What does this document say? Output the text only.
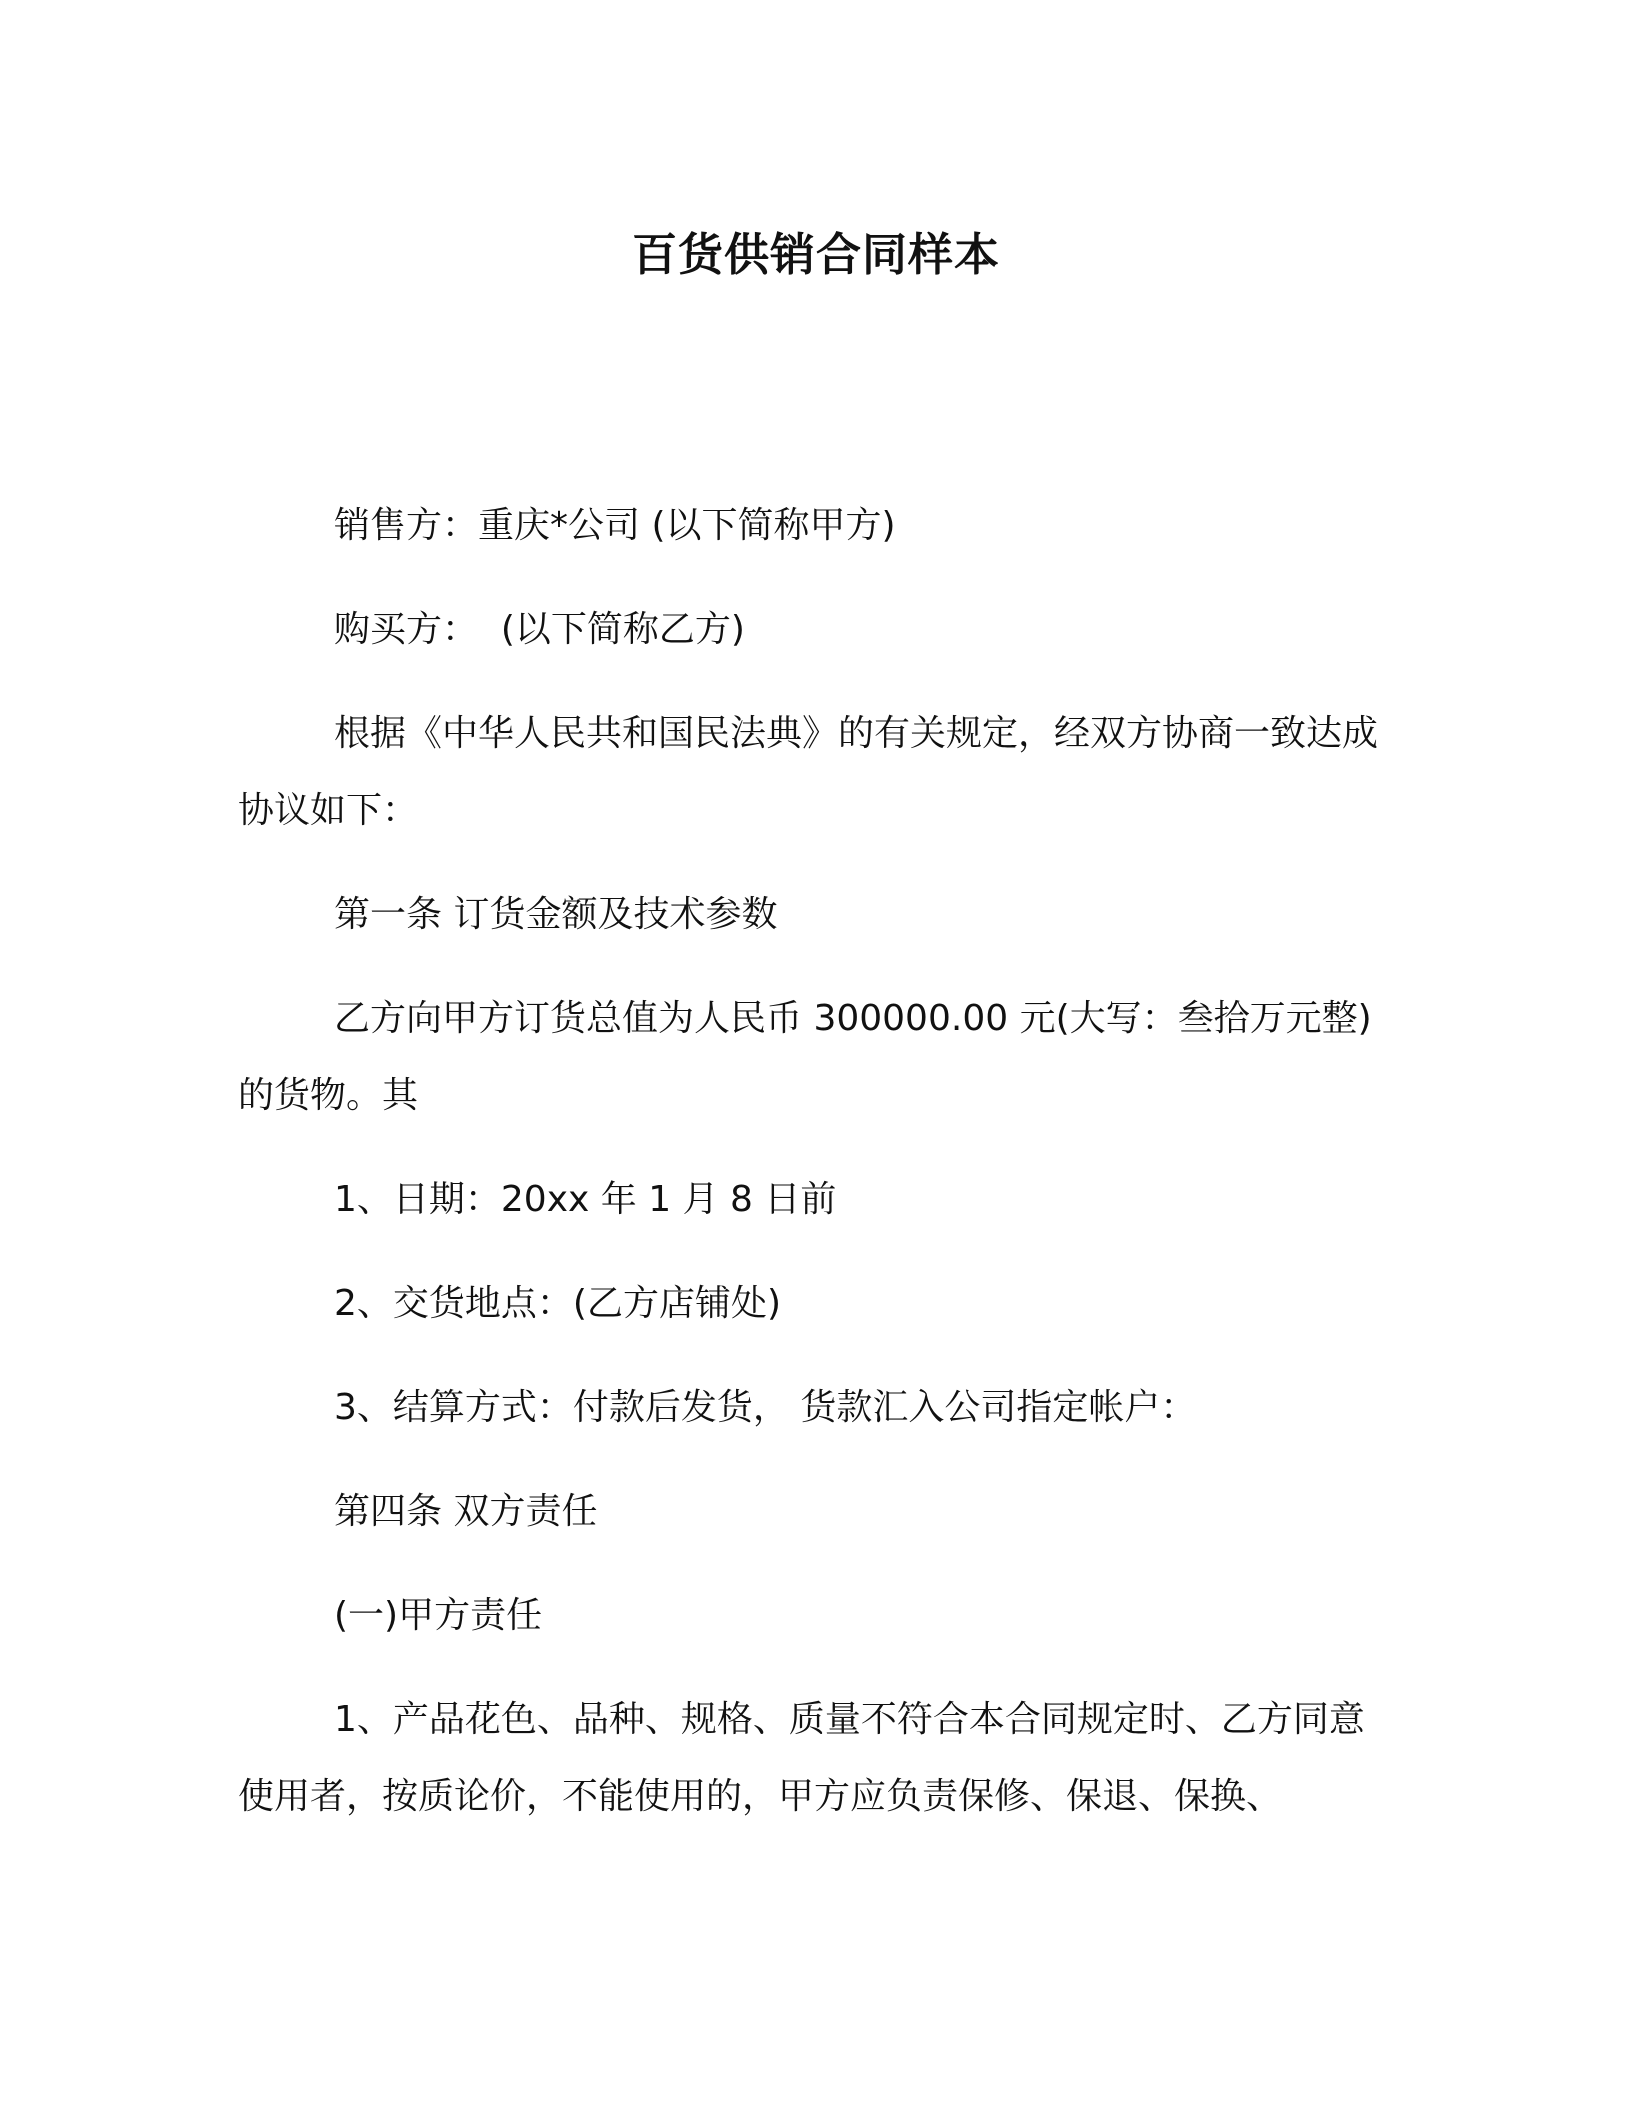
百货供销合同样本

销售方：重庆*公司 (以下简称甲方)

购买方：  (以下简称乙方)

根据《中华人民共和国民法典》的有关规定，经双方协商一致达成协议如下：

第一条 订货金额及技术参数

乙方向甲方订货总值为人民币 300000.00 元(大写：叁拾万元整)的货物。其

1、日期：20xx 年 1 月 8 日前

2、交货地点：(乙方店铺处)

3、结算方式：付款后发货， 货款汇入公司指定帐户：

第四条 双方责任

(一)甲方责任

1、产品花色、品种、规格、质量不符合本合同规定时、乙方同意使用者，按质论价，不能使用的，甲方应负责保修、保退、保换、
